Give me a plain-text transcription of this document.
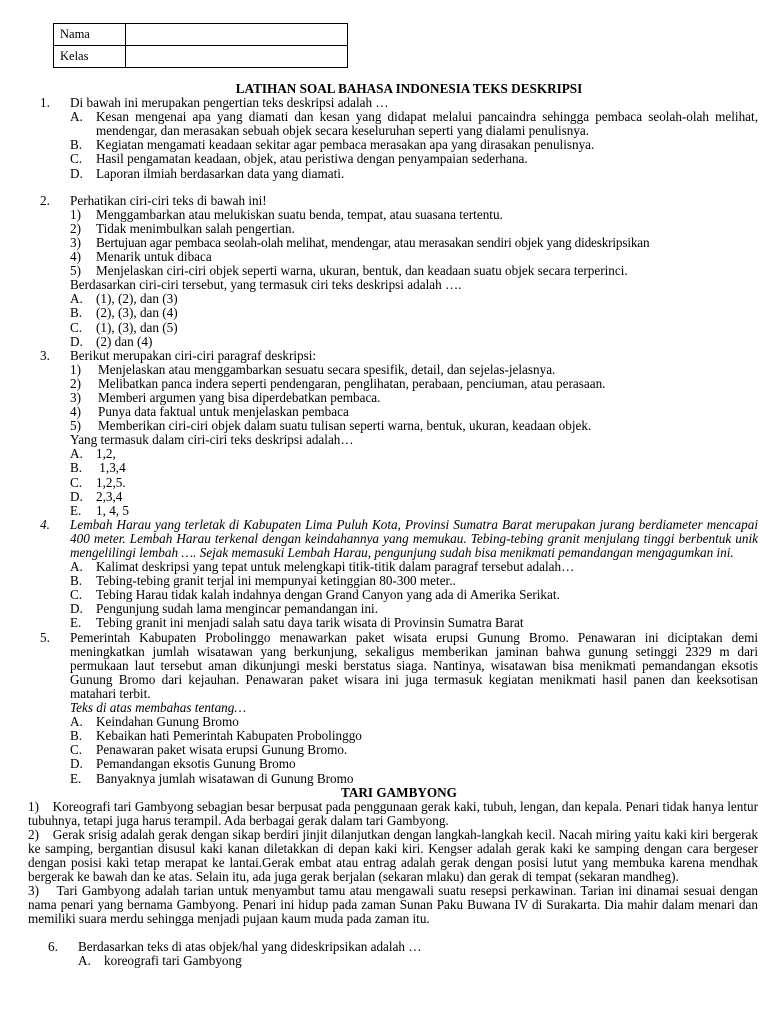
Nama	
Kelas	

LATIHAN SOAL BAHASA INDONESIA TEKS DESKRIPSI

1.	Di bawah ini merupakan pengertian teks deskripsi adalah …
A. Kesan mengenai apa yang diamati dan kesan yang didapat melalui pancaindra sehingga pembaca seolah-olah melihat, mendengar, dan merasakan sebuah objek secara keseluruhan seperti yang dialami penulisnya.
B.	Kegiatan mengamati keadaan sekitar agar pembaca merasakan apa yang dirasakan penulisnya.
C.	Hasil pengamatan keadaan, objek, atau peristiwa dengan penyampaian sederhana.
D. Laporan ilmiah berdasarkan data yang diamati.
2.	Perhatikan ciri-ciri teks di bawah ini!
1)	Menggambarkan atau melukiskan suatu benda, tempat, atau suasana tertentu.
2)	Tidak menimbulkan salah pengertian.
3)	Bertujuan agar pembaca seolah-olah melihat, mendengar, atau merasakan sendiri objek yang dideskripsikan
4)	Menarik untuk dibaca
5)	Menjelaskan ciri-ciri objek seperti warna, ukuran, bentuk, dan keadaan suatu objek secara terperinci.
Berdasarkan ciri-ciri tersebut, yang termasuk ciri teks deskripsi adalah ….
A. (1), (2), dan (3)
B.	(2), (3), dan (4)
C.	(1), (3), dan (5)
D. (2) dan (4)
3.	Berikut merupakan ciri-ciri paragraf deskripsi:
1)	Menjelaskan atau menggambarkan sesuatu secara spesifik, detail, dan sejelas-jelasnya.
2)	Melibatkan panca indera seperti pendengaran, penglihatan, perabaan, penciuman, atau perasaan.
3)	Memberi argumen yang bisa diperdebatkan pembaca.
4)	Punya data faktual untuk menjelaskan pembaca
5)	Memberikan ciri-ciri objek dalam suatu tulisan seperti warna, bentuk, ukuran, keadaan objek.
Yang termasuk dalam ciri-ciri teks deskripsi adalah…
A. 1,2,
B.	1,3,4
C.	1,2,5.
D. 2,3,4
E.	1, 4, 5
4.	Lembah Harau yang terletak di Kabupaten Lima Puluh Kota, Provinsi Sumatra Barat merupakan jurang berdiameter mencapai 400 meter. Lembah Harau terkenal dengan keindahannya yang memukau. Tebing-tebing granit menjulang tinggi berbentuk unik mengelilingi lembah …. Sejak memasuki Lembah Harau, pengunjung sudah bisa menikmati pemandangan mengagumkan ini.
A. Kalimat deskripsi yang tepat untuk melengkapi titik-titik dalam paragraf tersebut adalah…
B.	Tebing-tebing granit terjal ini mempunyai ketinggian 80-300 meter..
C.	Tebing Harau tidak kalah indahnya dengan Grand Canyon yang ada di Amerika Serikat.
D. Pengunjung sudah lama mengincar pemandangan ini.
E.	Tebing granit ini menjadi salah satu daya tarik wisata di Provinsin Sumatra Barat
5.	Pemerintah Kabupaten Probolinggo menawarkan paket wisata erupsi Gunung Bromo. Penawaran ini diciptakan demi meningkatkan jumlah wisatawan yang berkunjung, sekaligus memberikan jaminan bahwa gunung setinggi 2329 m dari permukaan laut tersebut aman dikunjungi meski berstatus siaga. Nantinya, wisatawan bisa menikmati pemandangan eksotis Gunung Bromo dari kejauhan. Penawaran paket wisara ini juga termasuk kegiatan menikmati hasil panen dan keeksotisan matahari terbit.
Teks di atas membahas tentang…
A. Keindahan Gunung Bromo
B.	Kebaikan hati Pemerintah Kabupaten Probolinggo
C.	Penawaran paket wisata erupsi Gunung Bromo.
D. Pemandangan eksotis Gunung Bromo
E.	Banyaknya jumlah wisatawan di Gunung Bromo

TARI GAMBYONG

1) Koreografi tari Gambyong sebagian besar berpusat pada penggunaan gerak kaki, tubuh, lengan, dan kepala. Penari tidak hanya lentur tubuhnya, tetapi juga harus terampil. Ada berbagai gerak dalam tari Gambyong.
2) Gerak srisig adalah gerak dengan sikap berdiri jinjit dilanjutkan dengan langkah-langkah kecil. Nacah miring yaitu kaki kiri bergerak ke samping, bergantian disusul kaki kanan diletakkan di depan kaki kiri. Kengser adalah gerak kaki ke samping dengan cara bergeser dengan posisi kaki tetap merapat ke lantai.Gerak embat atau entrag adalah gerak dengan posisi lutut yang membuka karena mendhak bergerak ke bawah dan ke atas. Selain itu, ada juga gerak berjalan (sekaran mlaku) dan gerak di tempat (sekaran mandheg).
3) Tari Gambyong adalah tarian untuk menyambut tamu atau mengawali suatu resepsi perkawinan. Tarian ini dinamai sesuai dengan nama penari yang bernama Gambyong. Penari ini hidup pada zaman Sunan Paku Buwana IV di Surakarta. Dia mahir dalam menari dan memiliki suara merdu sehingga menjadi pujaan kaum muda pada zaman itu.
6.	Berdasarkan teks di atas objek/hal yang dideskripsikan adalah …
A. koreografi tari Gambyong
